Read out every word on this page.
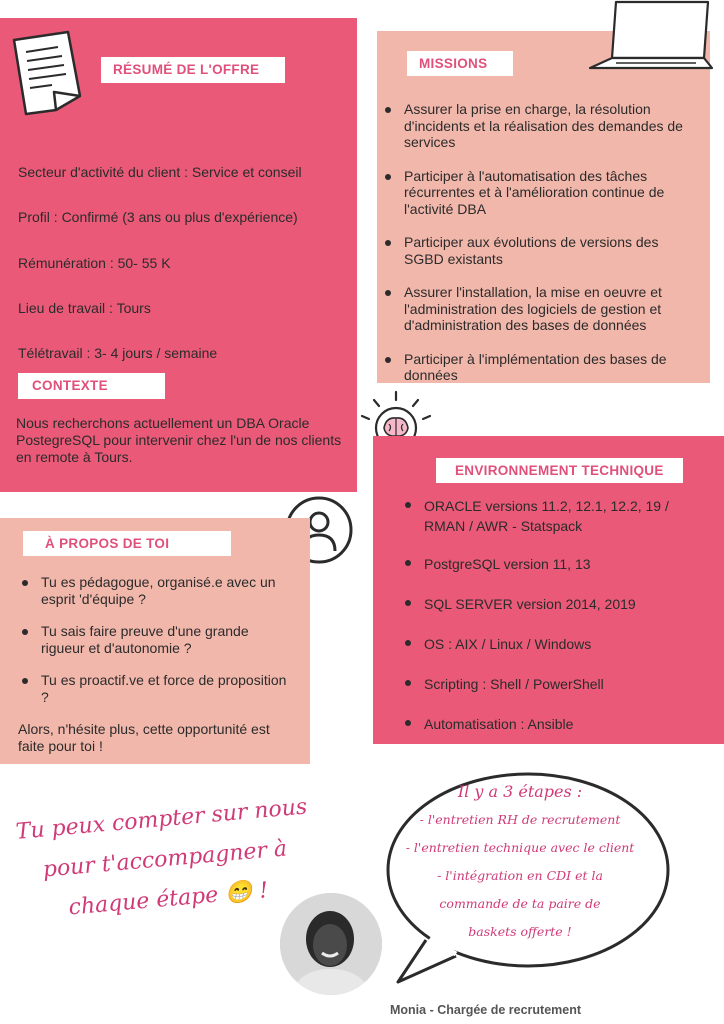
RÉSUMÉ DE L'OFFRE
Secteur d'activité du client : Service et conseil
Profil : Confirmé (3 ans ou plus d'expérience)
Rémunération : 50- 55 K
Lieu de travail : Tours
Télétravail : 3- 4 jours / semaine
CONTEXTE
Nous recherchons actuellement un DBA Oracle PostegreSQL pour intervenir chez l'un de nos clients en remote à Tours.
MISSIONS
Assurer la prise en charge, la résolution d'incidents et la réalisation des demandes de services
Participer à l'automatisation des tâches récurrentes et à l'amélioration continue de l'activité DBA
Participer aux évolutions de versions des SGBD existants
Assurer l'installation, la mise en oeuvre et l'administration des logiciels de gestion et d'administration des bases de données
Participer à l'implémentation des bases de données
ENVIRONNEMENT TECHNIQUE
ORACLE versions 11.2, 12.1, 12.2, 19 / RMAN / AWR - Statspack
PostgreSQL version 11, 13
SQL SERVER version 2014, 2019
OS : AIX / Linux / Windows
Scripting : Shell / PowerShell
Automatisation : Ansible
À PROPOS DE TOI
Tu es pédagogue, organisé.e avec un esprit 'd'équipe ?
Tu sais faire preuve d'une grande rigueur et d'autonomie ?
Tu es proactif.ve et force de proposition ?
Alors, n'hésite plus, cette opportunité est faite pour toi !
Tu peux compter sur nous
pour t'accompagner à
chaque étape 😁 !
Il y a 3 étapes :
- l'entretien RH de recrutement
- l'entretien technique avec le client
- l'intégration en CDI et la
commande de ta paire de
baskets offerte !
Monia - Chargée de recrutement
